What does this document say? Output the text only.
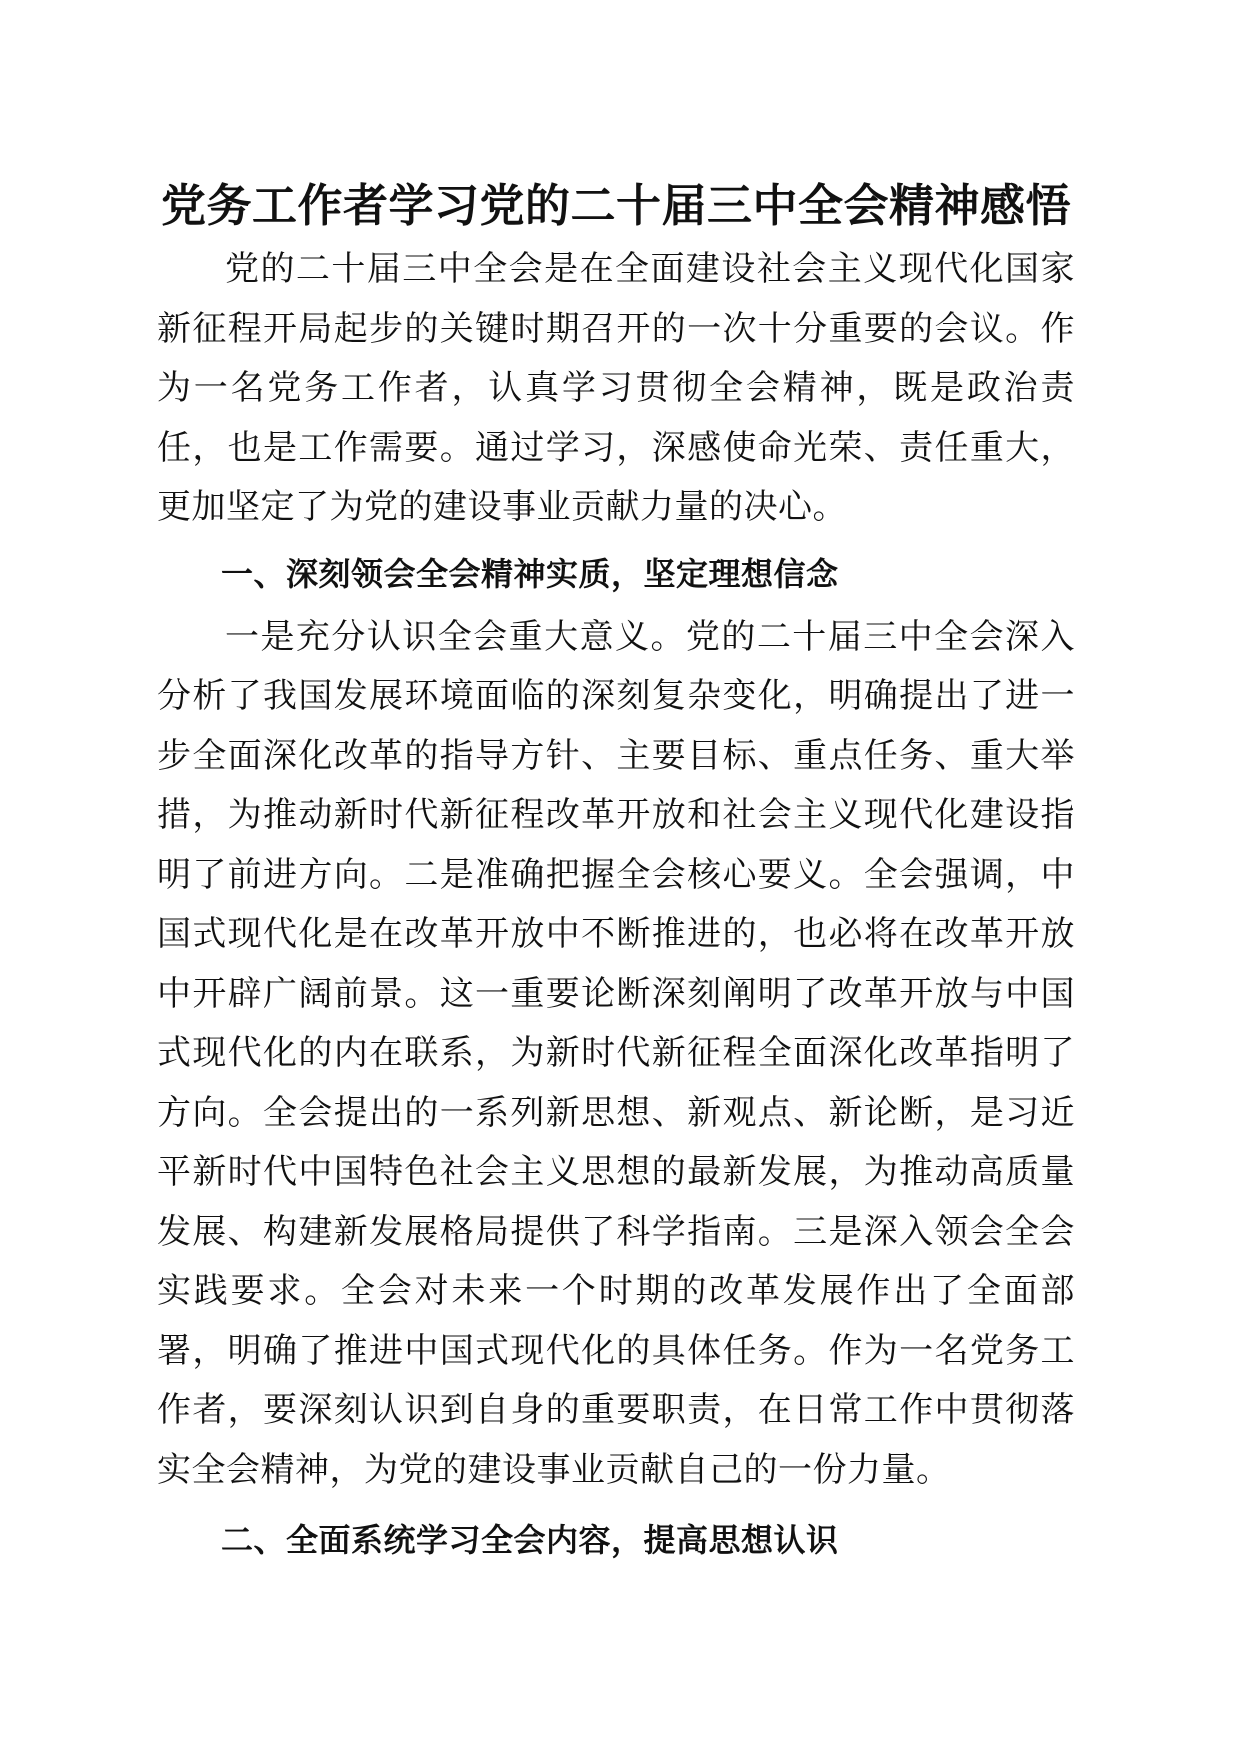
党务工作者学习党的二十届三中全会精神感悟

党的二十届三中全会是在全面建设社会主义现代化国家新征程开局起步的关键时期召开的一次十分重要的会议。作为一名党务工作者，认真学习贯彻全会精神，既是政治责任，也是工作需要。通过学习，深感使命光荣、责任重大，更加坚定了为党的建设事业贡献力量的决心。

一、深刻领会全会精神实质，坚定理想信念

一是充分认识全会重大意义。党的二十届三中全会深入分析了我国发展环境面临的深刻复杂变化，明确提出了进一步全面深化改革的指导方针、主要目标、重点任务、重大举措，为推动新时代新征程改革开放和社会主义现代化建设指明了前进方向。二是准确把握全会核心要义。全会强调，中国式现代化是在改革开放中不断推进的，也必将在改革开放中开辟广阔前景。这一重要论断深刻阐明了改革开放与中国式现代化的内在联系，为新时代新征程全面深化改革指明了方向。全会提出的一系列新思想、新观点、新论断，是习近平新时代中国特色社会主义思想的最新发展，为推动高质量发展、构建新发展格局提供了科学指南。三是深入领会全会实践要求。全会对未来一个时期的改革发展作出了全面部署，明确了推进中国式现代化的具体任务。作为一名党务工作者，要深刻认识到自身的重要职责，在日常工作中贯彻落实全会精神，为党的建设事业贡献自己的一份力量。

二、全面系统学习全会内容，提高思想认识
